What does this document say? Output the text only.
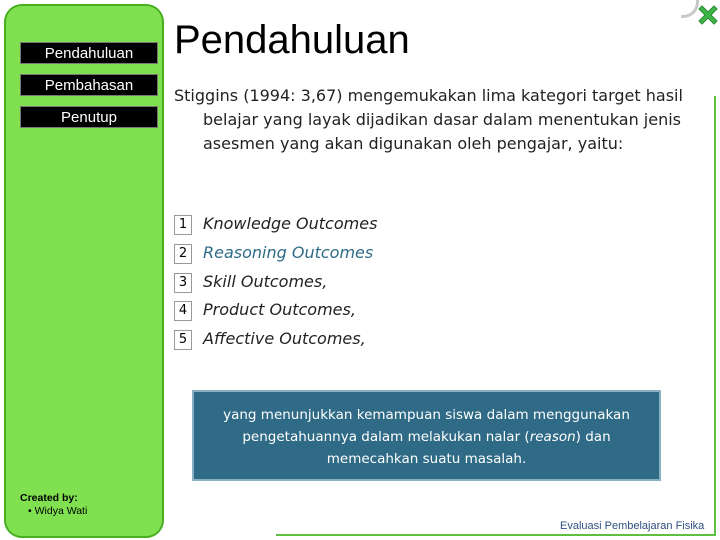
Pendahuluan
Pembahasan
Penutup
Created by:
• Widya Wati
Pendahuluan
Stiggins (1994: 3,67) mengemukakan lima kategori target hasil belajar yang layak dijadikan dasar dalam menentukan jenis asesmen yang akan digunakan oleh pengajar, yaitu:
1 Knowledge Outcomes
2 Reasoning Outcomes
3 Skill Outcomes,
4 Product Outcomes,
5 Affective Outcomes,
yang menunjukkan kemampuan siswa dalam menggunakan pengetahuannya dalam melakukan nalar (reason) dan memecahkan suatu masalah.
Evaluasi Pembelajaran Fisika
